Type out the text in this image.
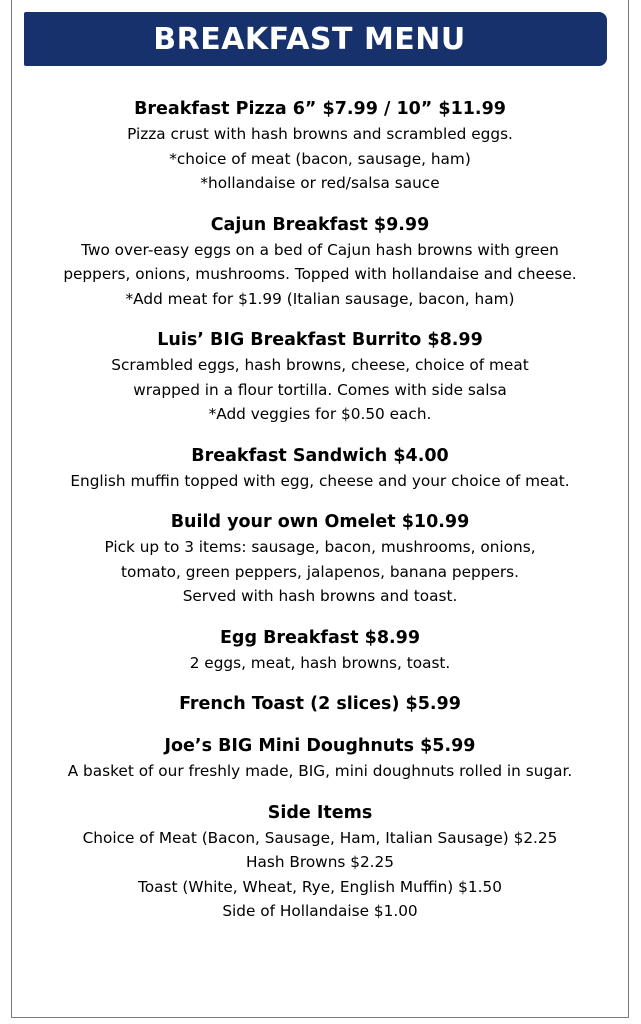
BREAKFAST MENU

Breakfast Pizza 6” $7.99 / 10” $11.99

Pizza crust with hash browns and scrambled eggs.

*choice of meat (bacon, sausage, ham)

*hollandaise or red/salsa sauce

Cajun Breakfast $9.99

Two over-easy eggs on a bed of Cajun hash browns with green

peppers, onions, mushrooms. Topped with hollandaise and cheese.

*Add meat for $1.99 (Italian sausage, bacon, ham)

Luis’ BIG Breakfast Burrito $8.99

Scrambled eggs, hash browns, cheese, choice of meat

wrapped in a flour tortilla. Comes with side salsa

*Add veggies for $0.50 each.

Breakfast Sandwich $4.00

English muffin topped with egg, cheese and your choice of meat.

Build your own Omelet $10.99

Pick up to 3 items: sausage, bacon, mushrooms, onions,

tomato, green peppers, jalapenos, banana peppers.

Served with hash browns and toast.

Egg Breakfast $8.99

2 eggs, meat, hash browns, toast.

French Toast (2 slices) $5.99

Joe’s BIG Mini Doughnuts $5.99

A basket of our freshly made, BIG, mini doughnuts rolled in sugar.

Side Items

Choice of Meat (Bacon, Sausage, Ham, Italian Sausage) $2.25

Hash Browns $2.25

Toast (White, Wheat, Rye, English Muffin) $1.50

Side of Hollandaise $1.00
